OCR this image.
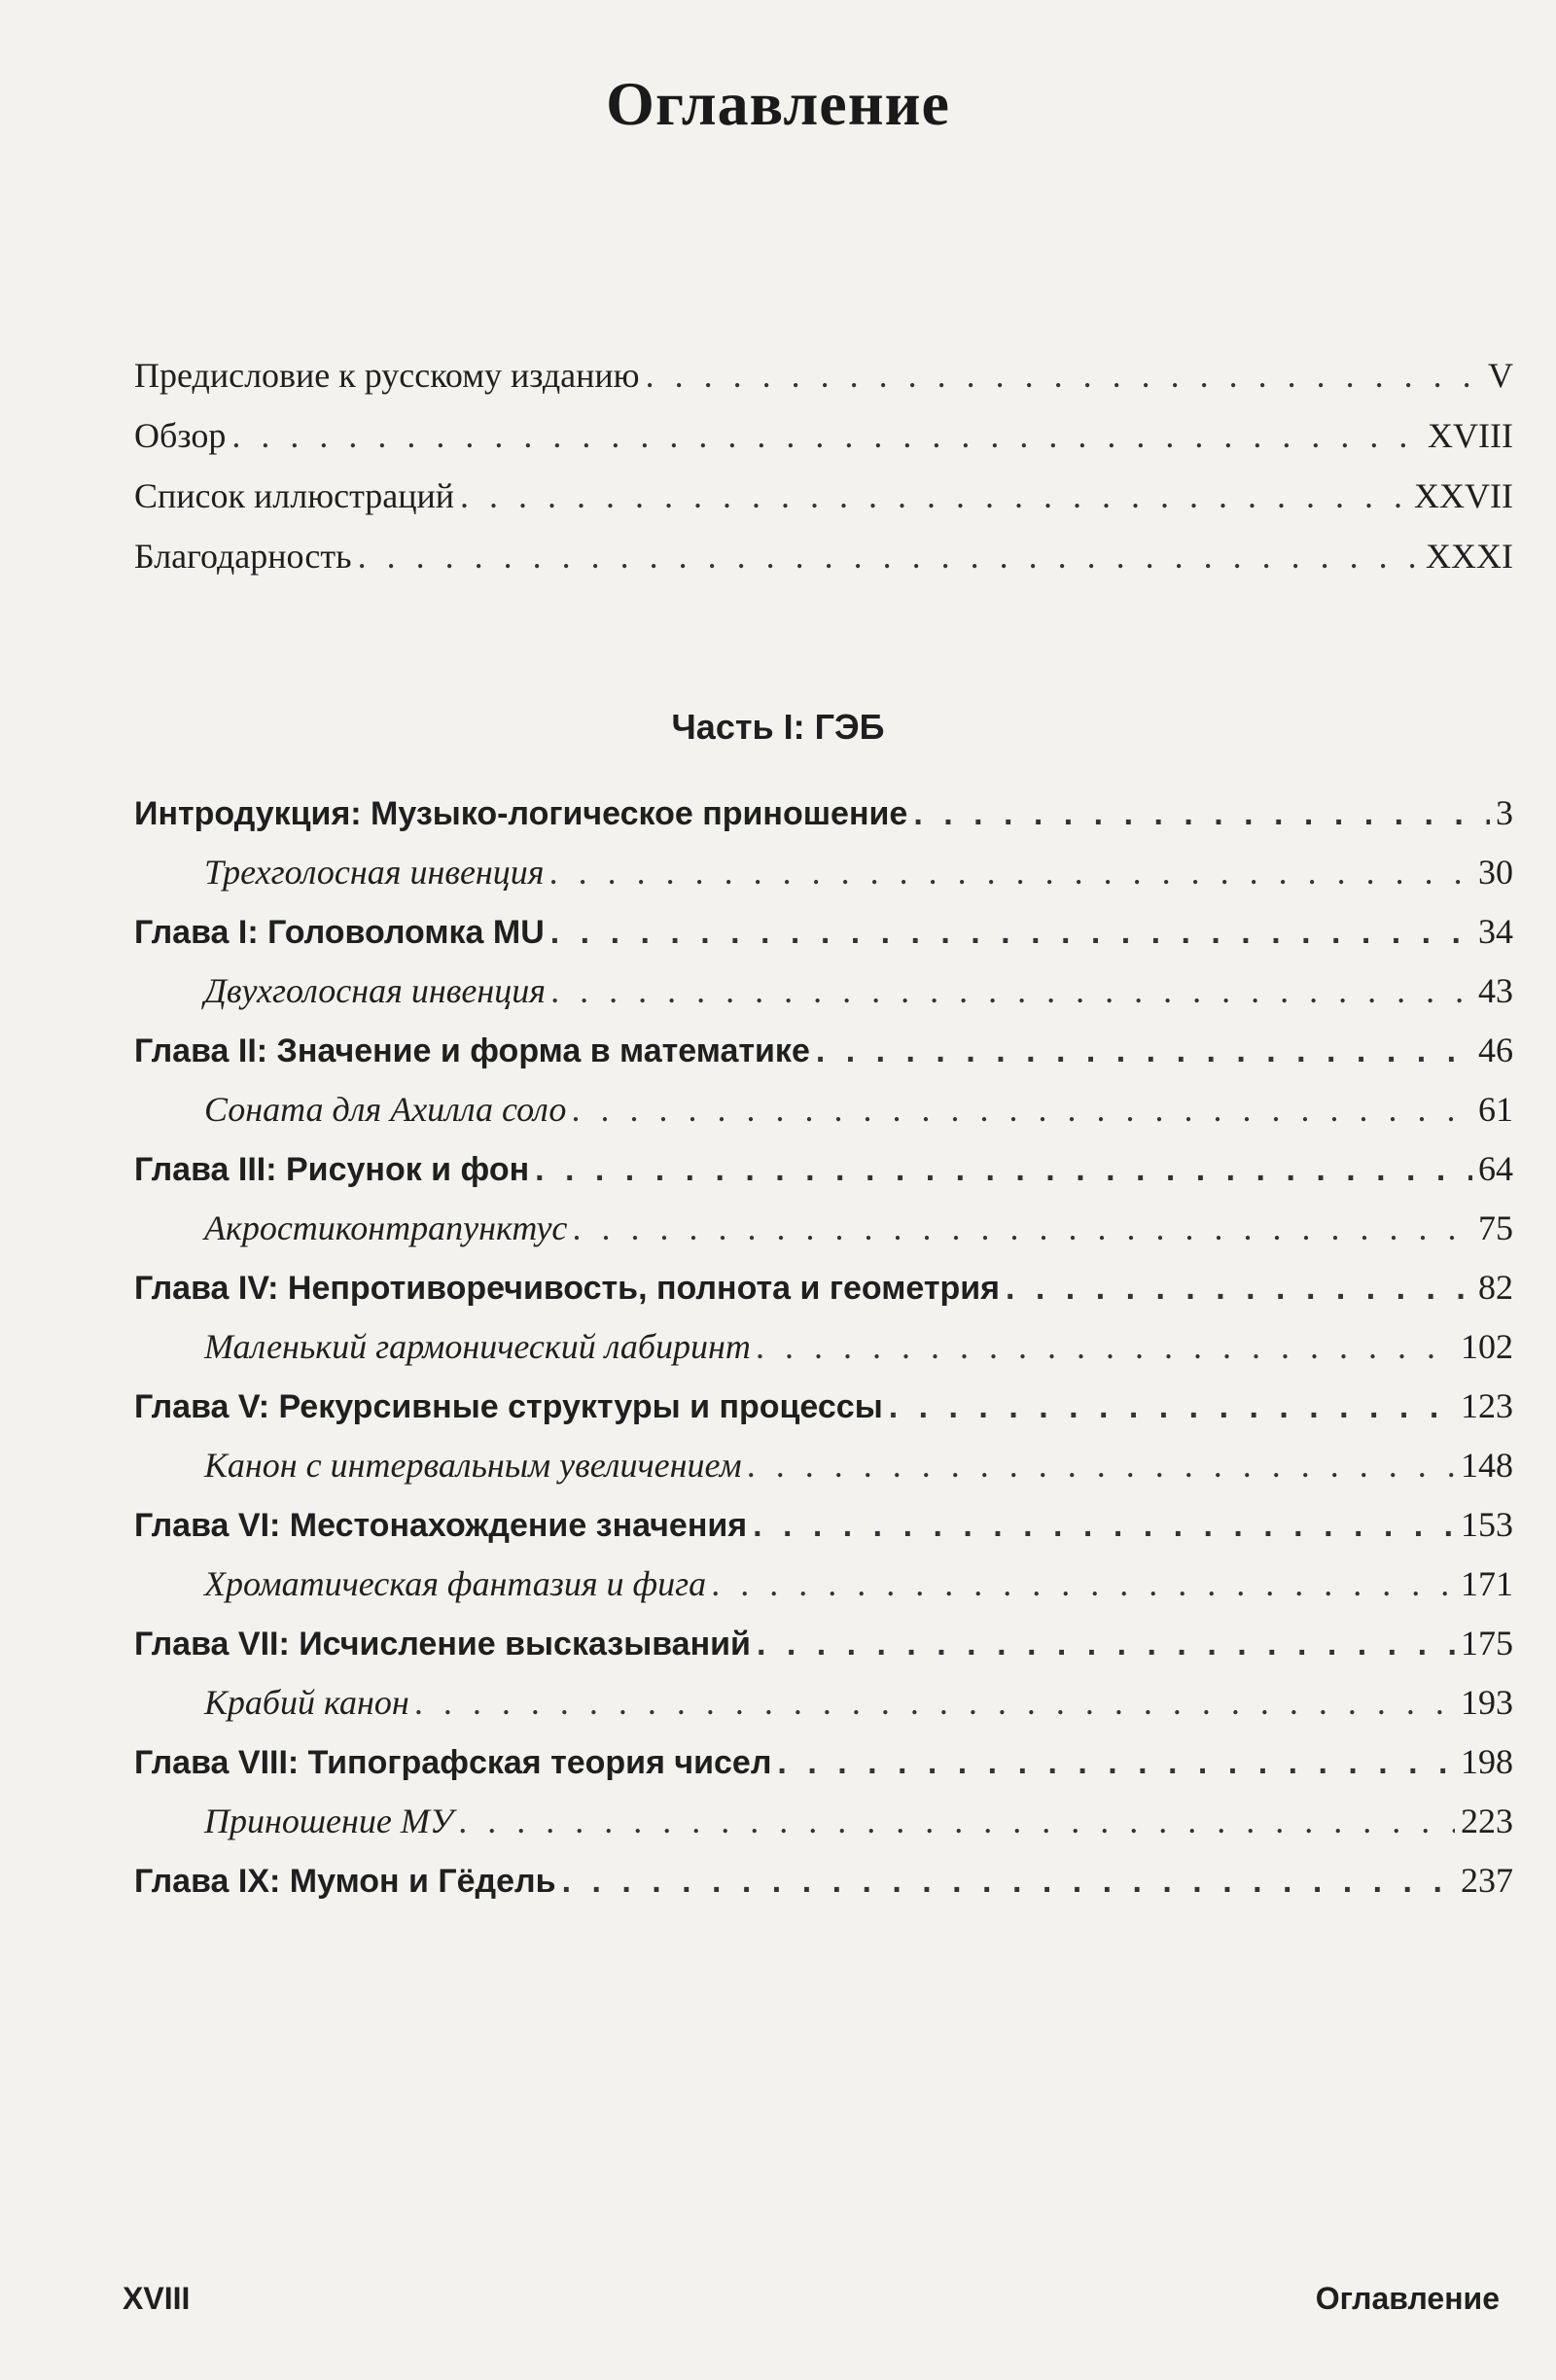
Оглавление
Предисловие к русскому изданию . . .	V
Обзор . . .	XVIII
Список иллюстраций . . .	XXVII
Благодарность . . .	XXXI
Часть I: ГЭБ
Интродукция: Музыко-логическое приношение . . .	3
Трехголосная инвенция . . .	30
Глава I: Головоломка MU . . .	34
Двухголосная инвенция . . .	43
Глава II: Значение и форма в математике . . .	46
Соната для Ахилла соло . . .	61
Глава III: Рисунок и фон . . .	64
Акростиконтрапунктус . . .	75
Глава IV: Непротиворечивость, полнота и геометрия . . .	82
Маленький гармонический лабиринт . . .	102
Глава V: Рекурсивные структуры и процессы . . .	123
Канон с интервальным увеличением . . .	148
Глава VI: Местонахождение значения . . .	153
Хроматическая фантазия и фига . . .	171
Глава VII: Исчисление высказываний . . .	175
Крабий канон . . .	193
Глава VIII: Типографская теория чисел . . .	198
Приношение МУ . . .	223
Глава IX: Мумон и Гёдель . . .	237
XVIII	Оглавление
